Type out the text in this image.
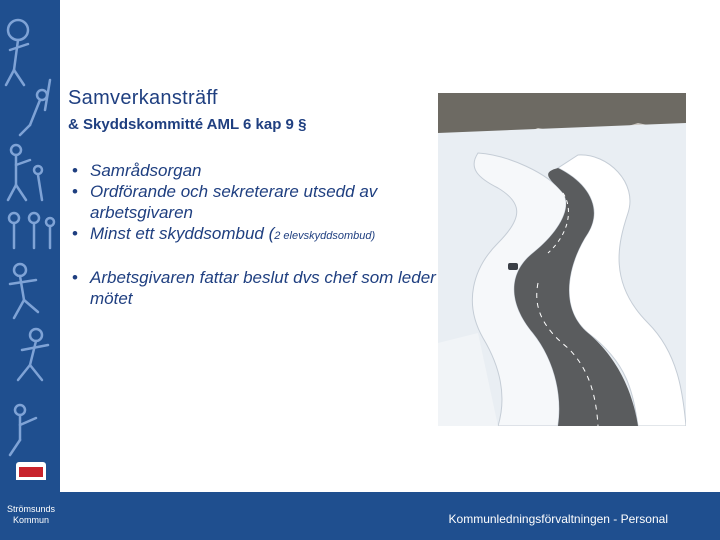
Strömsunds
Kommun
Samverkansträff
& Skyddskommitté AML 6 kap 9 §
• Samrådsorgan
• Ordförande och sekreterare utsedd av arbetsgivaren
• Minst ett skyddsombud (2 elevskyddsombud)
• Arbetsgivaren fattar beslut dvs chef som leder mötet
Kommunledningsförvaltningen - Personal
